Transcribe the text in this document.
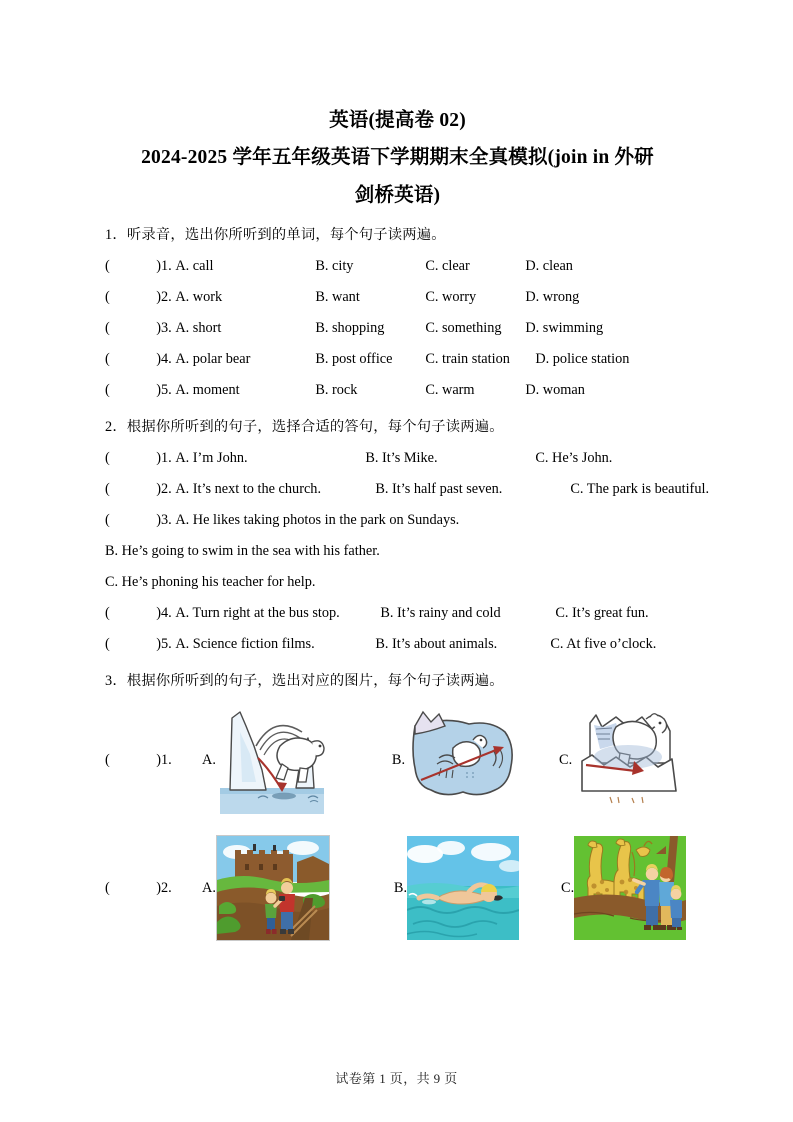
英语(提高卷 02)
2024-2025 学年五年级英语下学期期末全真模拟(join in 外研
剑桥英语)
1．听录音，选出你所听到的单词，每个句子读两遍。
(	) 1. A. call	B. city	C. clear	D. clean
(	) 2. A. work	B. want	C. worry	D. wrong
(	) 3. A. short	B. shopping	C. something D. swimming
(	) 4. A. polar bear	B. post office C. train station D. police station
(	) 5. A. moment	B. rock	C. warm	D. woman
2．根据你所听到的句子，选择合适的答句，每个句子读两遍。
(	) 1. A. I’m John.	B. It’s Mike.	C. He’s John.
(	) 2. A. It’s next to the church.	B. It’s half past seven.	C. The park is beautiful.
(	) 3. A. He likes taking photos in the park on Sundays.
B. He’s going to swim in the sea with his father.
C. He’s phoning his teacher for help.
(	) 4. A. Turn right at the bus stop.	B. It’s rainy and cold	C. It’s great fun.
(	) 5. A. Science fiction films.	B. It’s about animals.	C. At five o’clock.
3．根据你所听到的句子，选出对应的图片，每个句子读两遍。
(	) 1.	A.	B.	C.
(	) 2.	A.	B.	C.
试卷第 1 页，共 9 页
